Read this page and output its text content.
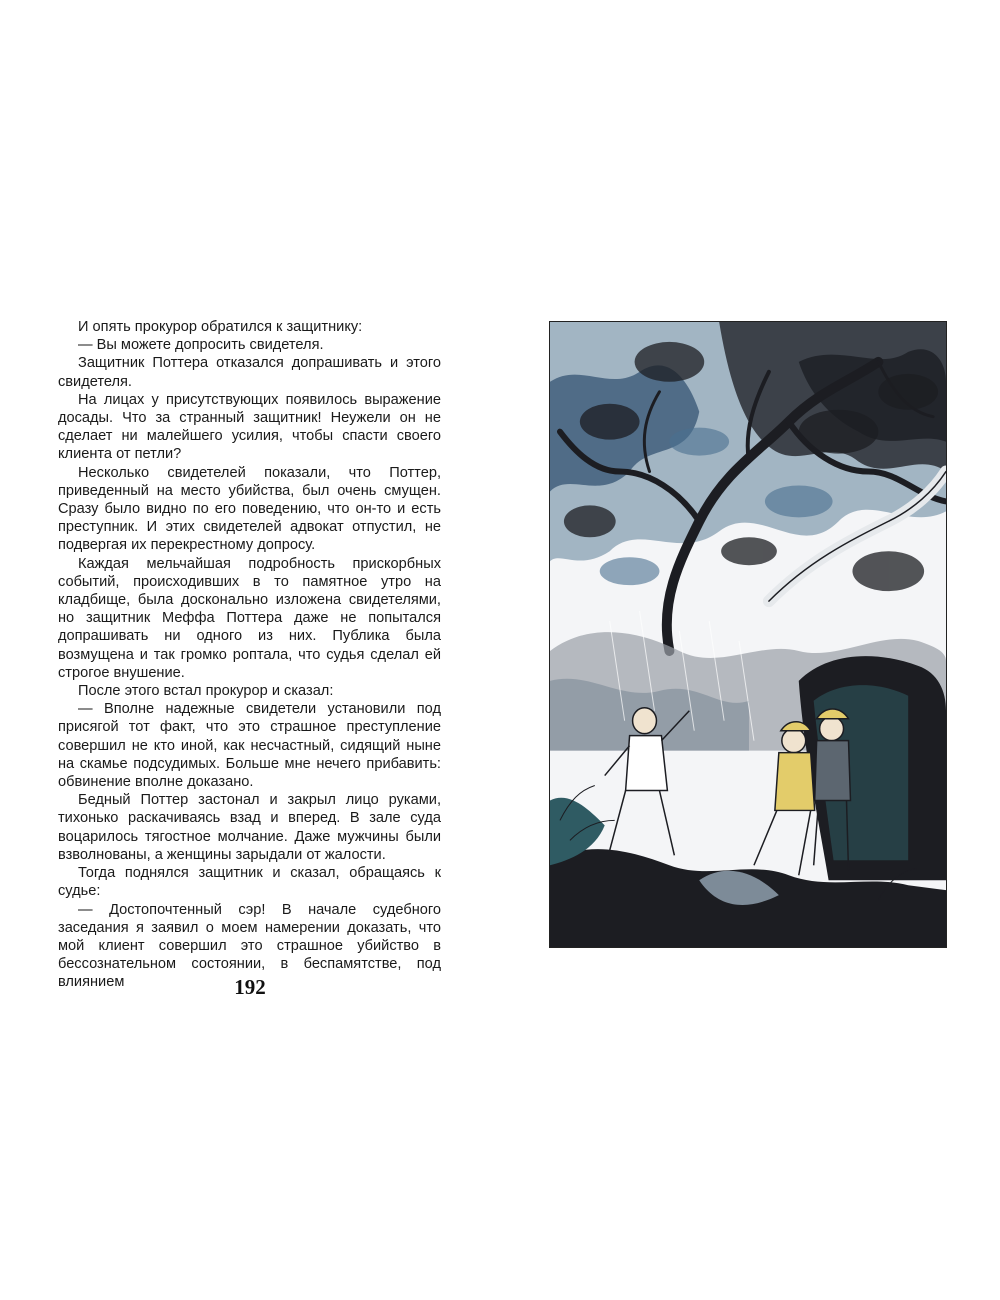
И опять прокурор обратился к защитнику:

— Вы можете допросить свидетеля.

Защитник Поттера отказался допрашивать и этого свидетеля.

На лицах у присутствующих появилось выражение досады. Что за странный защитник! Неужели он не сделает ни малейшего усилия, чтобы спасти своего клиента от петли?

Несколько свидетелей показали, что Поттер, приведенный на место убийства, был очень смущен. Сразу было видно по его поведению, что он-то и есть преступник. И этих свидетелей адвокат отпустил, не подвергая их перекрестному допросу.

Каждая мельчайшая подробность прискорбных событий, происходивших в то памятное утро на кладбище, была досконально изложена свидетелями, но защитник Меффа Поттера даже не попытался допрашивать ни одного из них. Публика была возмущена и так громко роптала, что судья сделал ей строгое внушение.

После этого встал прокурор и сказал:

— Вполне надежные свидетели установили под присягой тот факт, что это страшное преступление совершил не кто иной, как несчастный, сидящий ныне на скамье подсудимых. Больше мне нечего прибавить: обвинение вполне доказано.

Бедный Поттер застонал и закрыл лицо руками, тихонько раскачиваясь взад и вперед. В зале суда воцарилось тягостное молчание. Даже мужчины были взволнованы, а женщины зарыдали от жалости.

Тогда поднялся защитник и сказал, обращаясь к судье:

— Достопочтенный сэр! В начале судебного заседания я заявил о моем намерении доказать, что мой клиент совершил это страшное убийство в бессознательном состоянии, в беспамятстве, под влиянием	192
